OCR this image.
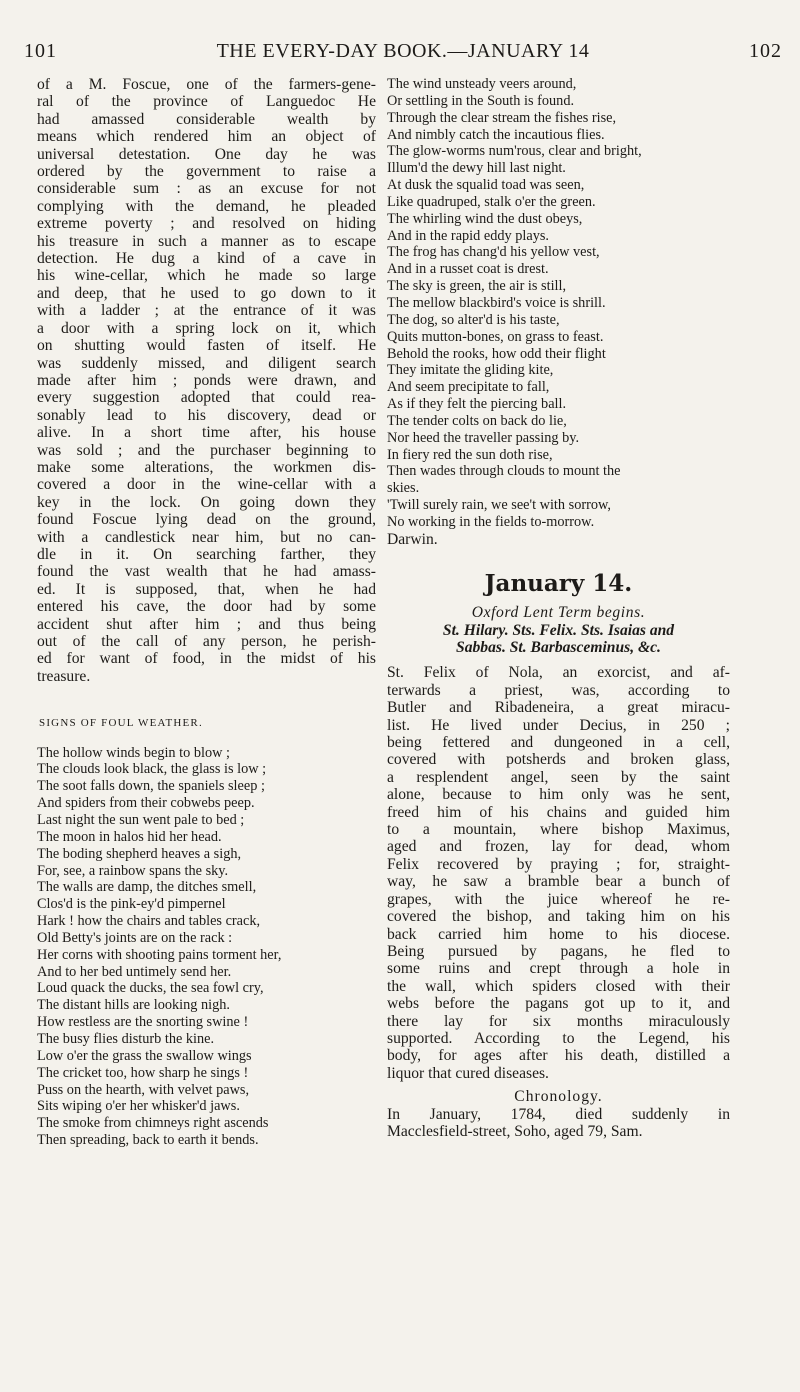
101	THE EVERY-DAY BOOK.—JANUARY 14	102
of a M. Foscue, one of the farmers-gene-
ral of the province of Languedoc He
had amassed considerable wealth by
means which rendered him an object of
universal detestation. One day he was
ordered by the government to raise a
considerable sum : as an excuse for not
complying with the demand, he pleaded
extreme poverty ; and resolved on hiding
his treasure in such a manner as to escape
detection. He dug a kind of a cave in
his wine-cellar, which he made so large
and deep, that he used to go down to it
with a ladder ; at the entrance of it was
a door with a spring lock on it, which
on shutting would fasten of itself. He
was suddenly missed, and diligent search
made after him ; ponds were drawn, and
every suggestion adopted that could rea-
sonably lead to his discovery, dead or
alive. In a short time after, his house
was sold ; and the purchaser beginning to
make some alterations, the workmen dis-
covered a door in the wine-cellar with a
key in the lock. On going down they
found Foscue lying dead on the ground,
with a candlestick near him, but no can-
dle in it. On searching farther, they
found the vast wealth that he had amass-
ed. It is supposed, that, when he had
entered his cave, the door had by some
accident shut after him ; and thus being
out of the call of any person, he perish-
ed for want of food, in the midst of his
treasure.
SIGNS OF FOUL WEATHER.
The hollow winds begin to blow ;
The clouds look black, the glass is low ;
The soot falls down, the spaniels sleep ;
And spiders from their cobwebs peep.
Last night the sun went pale to bed ;
The moon in halos hid her head.
The boding shepherd heaves a sigh,
For, see, a rainbow spans the sky.
The walls are damp, the ditches smell,
Clos'd is the pink-ey'd pimpernel
Hark ! how the chairs and tables crack,
Old Betty's joints are on the rack :
Her corns with shooting pains torment her,
And to her bed untimely send her.
Loud quack the ducks, the sea fowl cry,
The distant hills are looking nigh.
How restless are the snorting swine !
The busy flies disturb the kine.
Low o'er the grass the swallow wings
The cricket too, how sharp he sings !
Puss on the hearth, with velvet paws,
Sits wiping o'er her whisker'd jaws.
The smoke from chimneys right ascends
Then spreading, back to earth it bends.
The wind unsteady veers around,
Or settling in the South is found.
Through the clear stream the fishes rise,
And nimbly catch the incautious flies.
The glow-worms num'rous, clear and bright,
Illum'd the dewy hill last night.
At dusk the squalid toad was seen,
Like quadruped, stalk o'er the green.
The whirling wind the dust obeys,
And in the rapid eddy plays.
The frog has chang'd his yellow vest,
And in a russet coat is drest.
The sky is green, the air is still,
The mellow blackbird's voice is shrill.
The dog, so alter'd is his taste,
Quits mutton-bones, on grass to feast.
Behold the rooks, how odd their flight
They imitate the gliding kite,
And seem precipitate to fall,
As if they felt the piercing ball.
The tender colts on back do lie,
Nor heed the traveller passing by.
In fiery red the sun doth rise,
Then wades through clouds to mount the
skies.
'Twill surely rain, we see't with sorrow,
No working in the fields to-morrow.
Darwin.
January 14.
Oxford Lent Term begins.
St. Hilary. Sts. Felix. Sts. Isaias and
Sabbas. St. Barbasceminus, &c.
St. Felix of Nola, an exorcist, and af-
terwards a priest, was, according to
Butler and Ribadeneira, a great miracu-
list. He lived under Decius, in 250 ;
being fettered and dungeoned in a cell,
covered with potsherds and broken glass,
a resplendent angel, seen by the saint
alone, because to him only was he sent,
freed him of his chains and guided him
to a mountain, where bishop Maximus,
aged and frozen, lay for dead, whom
Felix recovered by praying ; for, straight-
way, he saw a bramble bear a bunch of
grapes, with the juice whereof he re-
covered the bishop, and taking him on his
back carried him home to his diocese.
Being pursued by pagans, he fled to
some ruins and crept through a hole in
the wall, which spiders closed with their
webs before the pagans got up to it, and
there lay for six months miraculously
supported. According to the Legend, his
body, for ages after his death, distilled a
liquor that cured diseases.
Chronology.
In January, 1784, died suddenly in
Macclesfield-street, Soho, aged 79, Sam.
